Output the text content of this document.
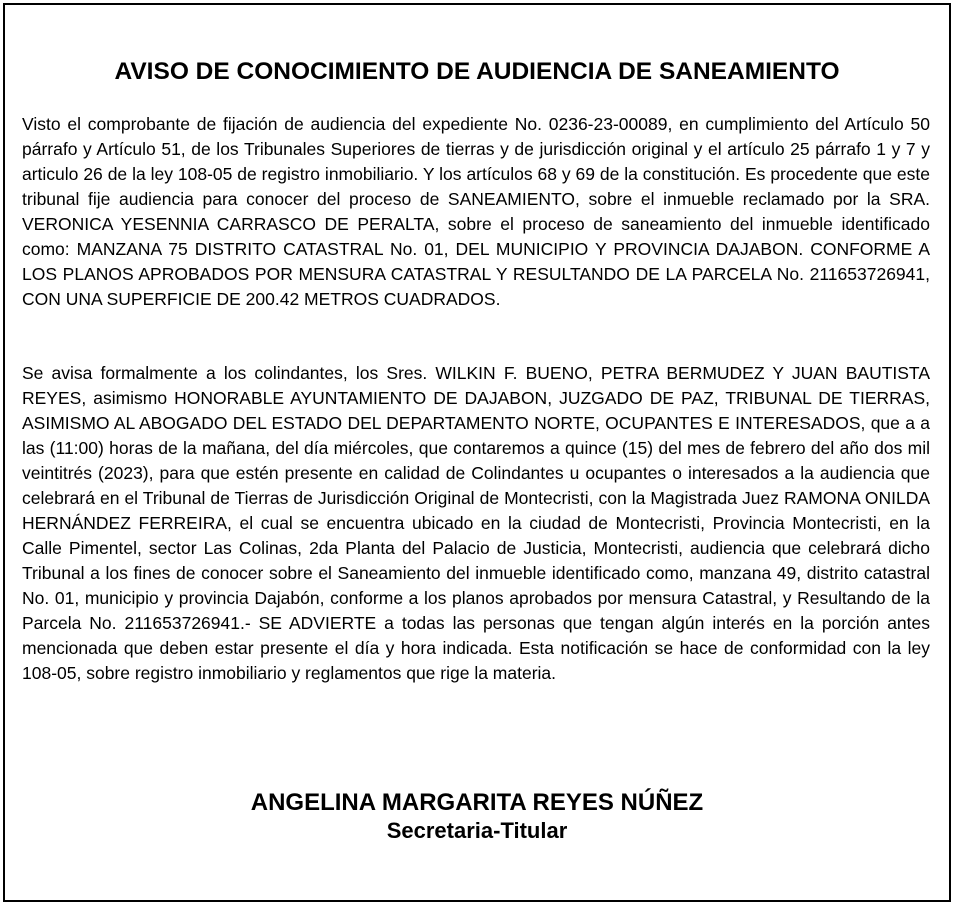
AVISO DE CONOCIMIENTO DE AUDIENCIA DE SANEAMIENTO

Visto el comprobante de fijación de audiencia del expediente No. 0236-23-00089, en cumplimiento del Artículo 50 párrafo y Artículo 51, de los Tribunales Superiores de tierras y de jurisdicción original y el artículo 25 párrafo 1 y 7 y articulo 26 de la ley 108-05 de registro inmobiliario. Y los artículos 68 y 69 de la constitución. Es procedente que este tribunal fije audiencia para conocer del proceso de SANEAMIENTO, sobre el inmueble reclamado por la SRA. VERONICA YESENNIA CARRASCO DE PERALTA, sobre el proceso de saneamiento del inmueble identificado como: MANZANA 75 DISTRITO CATASTRAL No. 01, DEL MUNICIPIO Y PROVINCIA DAJABON. CONFORME A LOS PLANOS APROBADOS POR MENSURA CATASTRAL Y RESULTANDO DE LA PARCELA No. 211653726941, CON UNA SUPERFICIE DE 200.42 METROS CUADRADOS.

Se avisa formalmente a los colindantes, los Sres. WILKIN F. BUENO, PETRA BERMUDEZ Y JUAN BAUTISTA REYES, asimismo HONORABLE AYUNTAMIENTO DE DAJABON, JUZGADO DE PAZ, TRIBUNAL DE TIERRAS, ASIMISMO AL ABOGADO DEL ESTADO DEL DEPARTAMENTO NORTE, OCUPANTES E INTERESADOS, que a a las (11:00) horas de la mañana, del día miércoles, que contaremos a quince (15) del mes de febrero del año dos mil veintitrés (2023), para que estén presente en calidad de Colindantes u ocupantes o interesados a la audiencia que celebrará en el Tribunal de Tierras de Jurisdicción Original de Montecristi, con la Magistrada Juez RAMONA ONILDA HERNÁNDEZ FERREIRA, el cual se encuentra ubicado en la ciudad de Montecristi, Provincia Montecristi, en la Calle Pimentel, sector Las Colinas, 2da Planta del Palacio de Justicia, Montecristi, audiencia que celebrará dicho Tribunal a los fines de conocer sobre el Saneamiento del inmueble identificado como, manzana 49, distrito catastral No. 01, municipio y provincia Dajabón, conforme a los planos aprobados por mensura Catastral, y Resultando de la Parcela No. 211653726941.- SE ADVIERTE a todas las personas que tengan algún interés en la porción antes mencionada que deben estar presente el día y hora indicada. Esta notificación se hace de conformidad con la ley 108-05, sobre registro inmobiliario y reglamentos que rige la materia.

ANGELINA MARGARITA REYES NÚÑEZ
Secretaria-Titular
